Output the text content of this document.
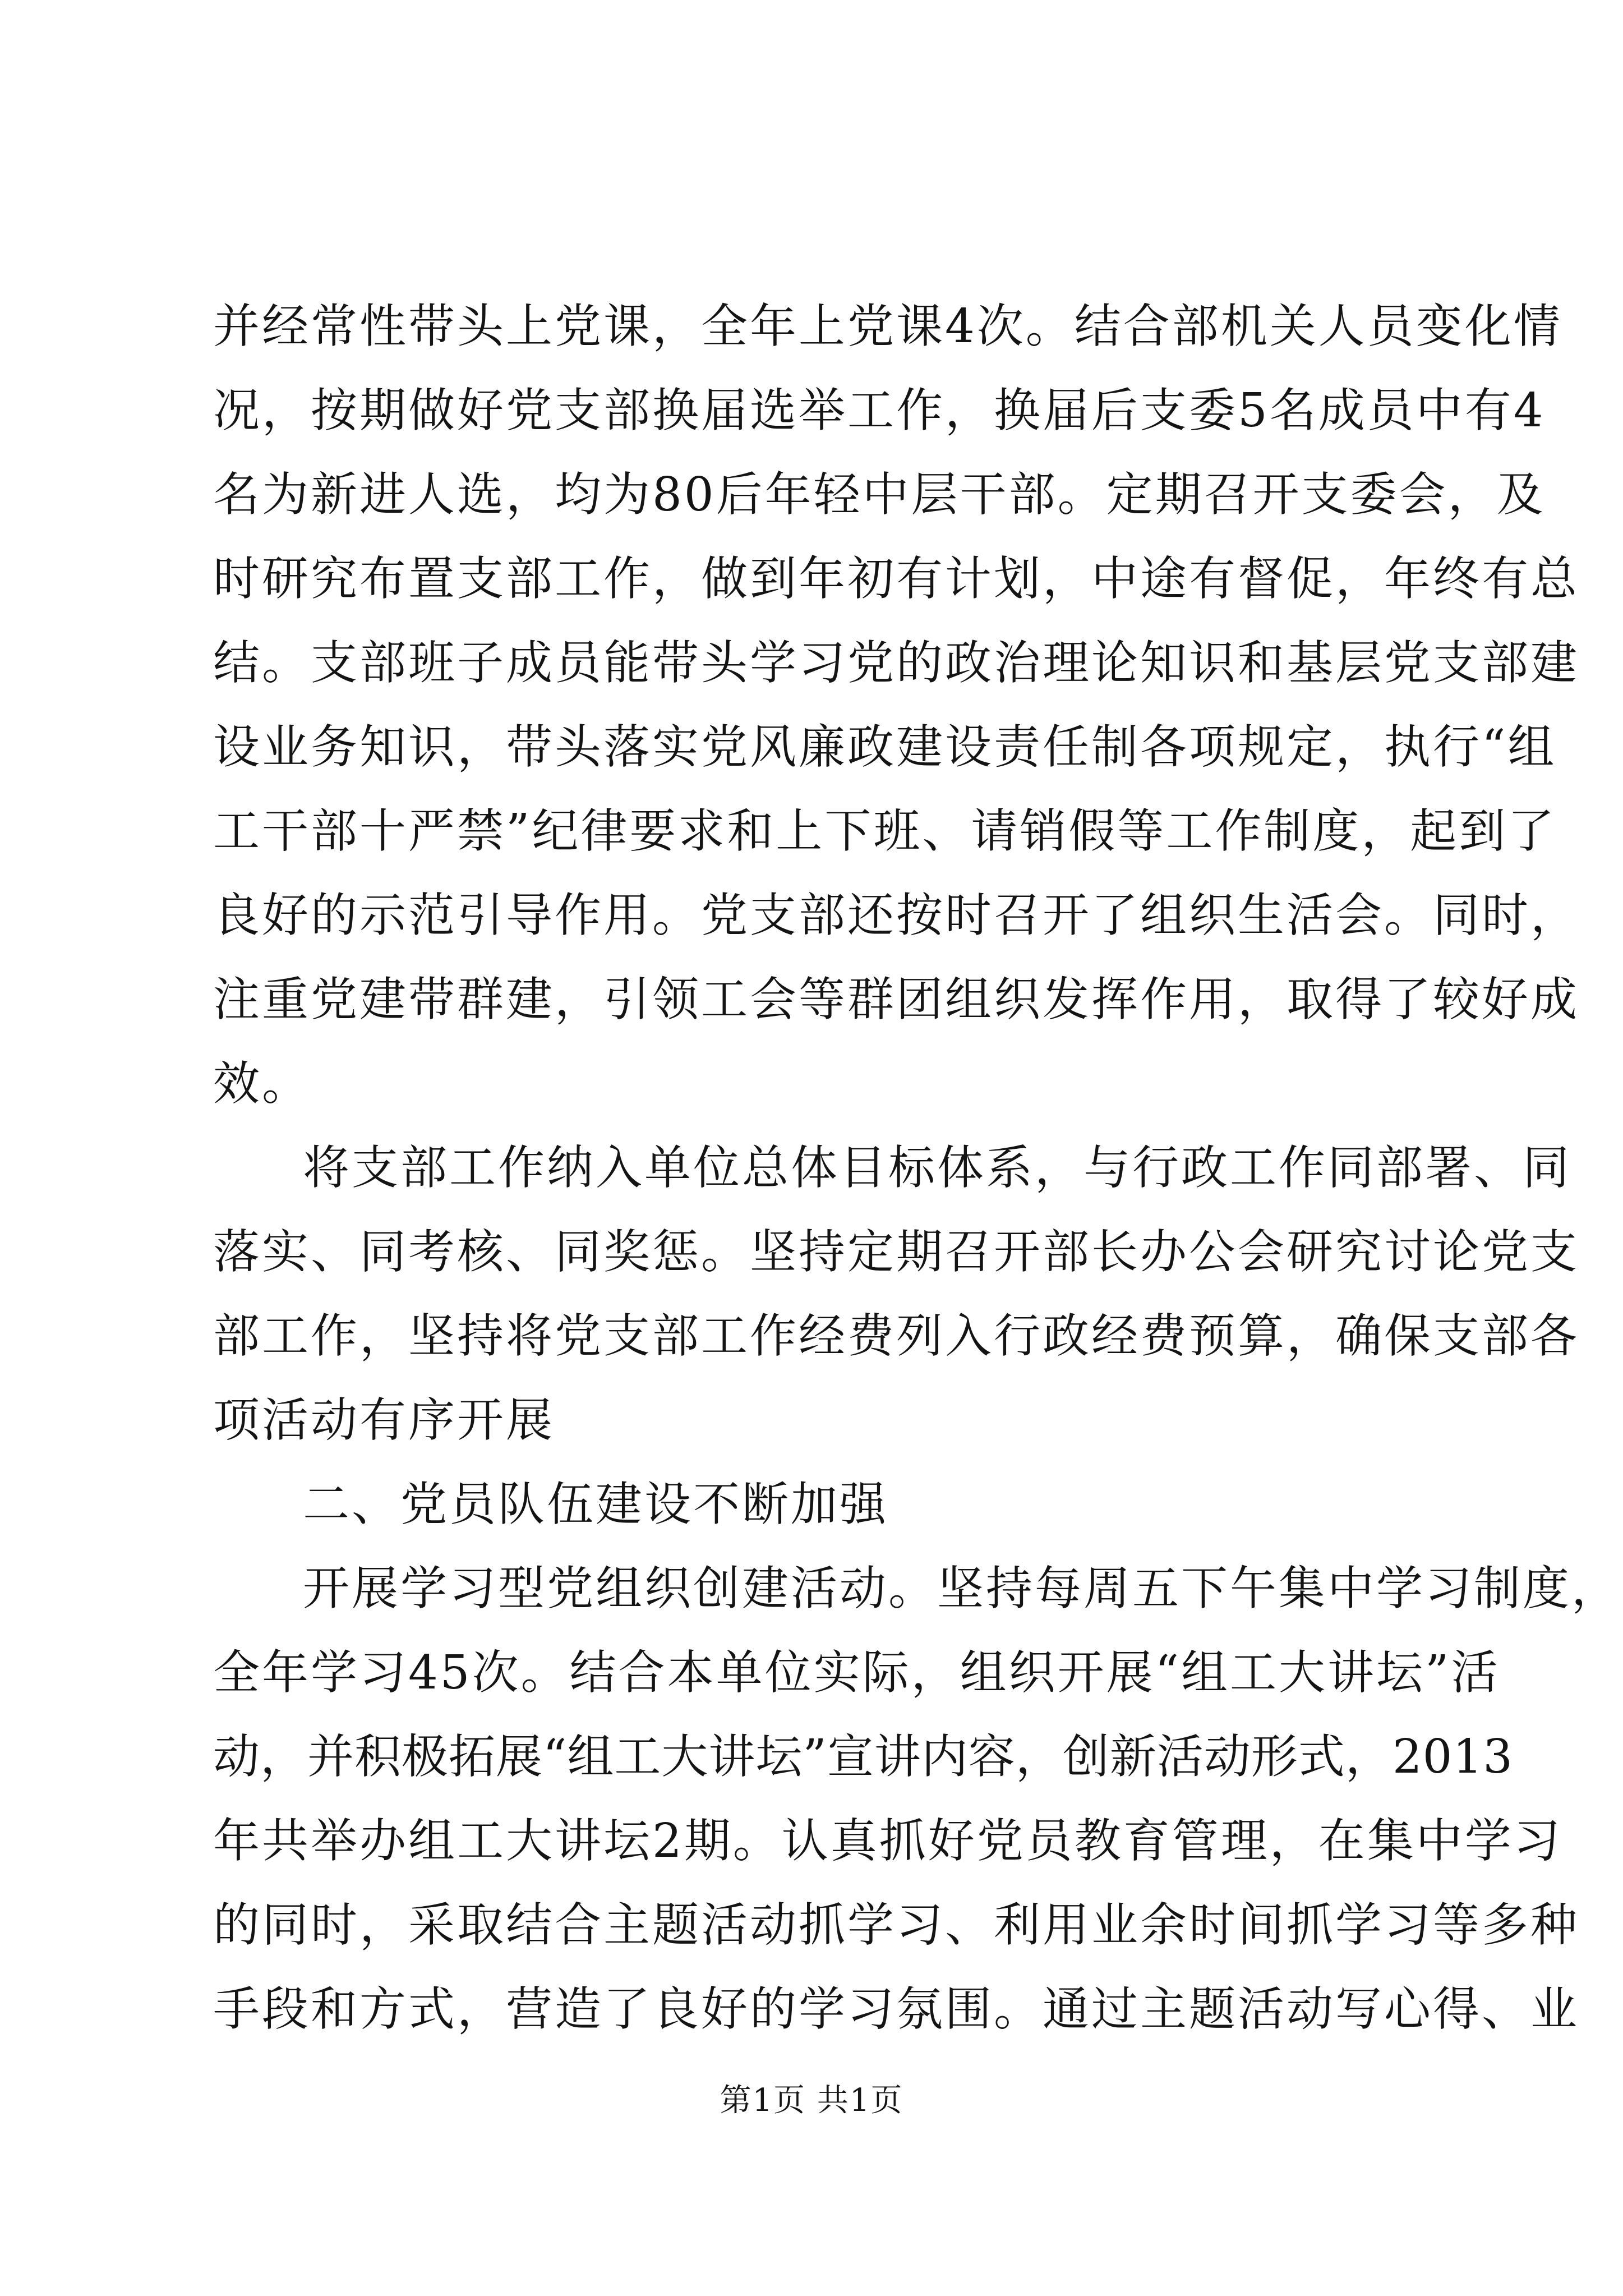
并经常性带头上党课，全年上党课4次。结合部机关人员变化情
况，按期做好党支部换届选举工作，换届后支委5名成员中有4
名为新进人选，均为80后年轻中层干部。定期召开支委会，及
时研究布置支部工作，做到年初有计划，中途有督促，年终有总
结。支部班子成员能带头学习党的政治理论知识和基层党支部建
设业务知识，带头落实党风廉政建设责任制各项规定，执行“组
工干部十严禁”纪律要求和上下班、请销假等工作制度，起到了
良好的示范引导作用。党支部还按时召开了组织生活会。同时，
注重党建带群建，引领工会等群团组织发挥作用，取得了较好成
效。
将支部工作纳入单位总体目标体系，与行政工作同部署、同
落实、同考核、同奖惩。坚持定期召开部长办公会研究讨论党支
部工作，坚持将党支部工作经费列入行政经费预算，确保支部各
项活动有序开展
二、党员队伍建设不断加强
开展学习型党组织创建活动。坚持每周五下午集中学习制度，
全年学习45次。结合本单位实际，组织开展“组工大讲坛”活
动，并积极拓展“组工大讲坛”宣讲内容，创新活动形式，2013
年共举办组工大讲坛2期。认真抓好党员教育管理，在集中学习
的同时，采取结合主题活动抓学习、利用业余时间抓学习等多种
手段和方式，营造了良好的学习氛围。通过主题活动写心得、业
第1页 共1页
